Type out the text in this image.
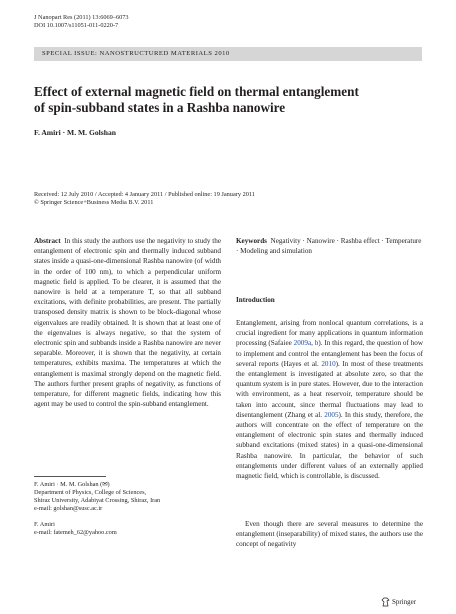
J Nanopart Res (2011) 13:6069–6073
DOI 10.1007/s11051-011-0220-7
SPECIAL ISSUE: NANOSTRUCTURED MATERIALS 2010
Effect of external magnetic field on thermal entanglement
of spin-subband states in a Rashba nanowire
F. Amiri · M. M. Golshan
Received: 12 July 2010 / Accepted: 4 January 2011 / Published online: 19 January 2011
© Springer Science+Business Media B.V. 2011
Abstract In this study the authors use the negativity to study the entanglement of electronic spin and thermally induced subband states inside a quasi-one-dimensional Rashba nanowire (of width in the order of 100 nm), to which a perpendicular uniform magnetic field is applied. To be clearer, it is assumed that the nanowire is held at a temperature T, so that all subband excitations, with definite probabilities, are present. The partially transposed density matrix is shown to be block-diagonal whose eigenvalues are readily obtained. It is shown that at least one of the eigenvalues is always negative, so that the system of electronic spin and subbands inside a Rashba nanowire are never separable. Moreover, it is shown that the negativity, at certain temperatures, exhibits maxima. The temperatures at which the entanglement is maximal strongly depend on the magnetic field. The authors further present graphs of negativity, as functions of temperature, for different magnetic fields, indicating how this agent may be used to control the spin-subband entanglement.
Keywords Negativity · Nanowire · Rashba effect · Temperature · Modeling and simulation
Introduction
Entanglement, arising from nonlocal quantum correlations, is a crucial ingredient for many applications in quantum information processing (Safaiee 2009a, b). In this regard, the question of how to implement and control the entanglement has been the focus of several reports (Hayes et al. 2010). In most of these treatments the entanglement is investigated at absolute zero, so that the quantum system is in pure states. However, due to the interaction with environment, as a heat reservoir, temperature should be taken into account, since thermal fluctuations may lead to disentanglement (Zhang et al. 2005). In this study, therefore, the authors will concentrate on the effect of temperature on the entanglement of electronic spin states and thermally induced subband excitations (mixed states) in a quasi-one-dimensional Rashba nanowire. In particular, the behavior of such entanglements under different values of an externally applied magnetic field, which is controllable, is discussed.
Even though there are several measures to determine the entanglement (inseparability) of mixed states, the authors use the concept of negativity
F. Amiri · M. M. Golshan (✉)
Department of Physics, College of Sciences,
Shiraz University, Adabiyat Crossing, Shiraz, Iran
e-mail: golshan@susc.ac.ir
F. Amiri
e-mail: fatemeh_62@yahoo.com
Springer
